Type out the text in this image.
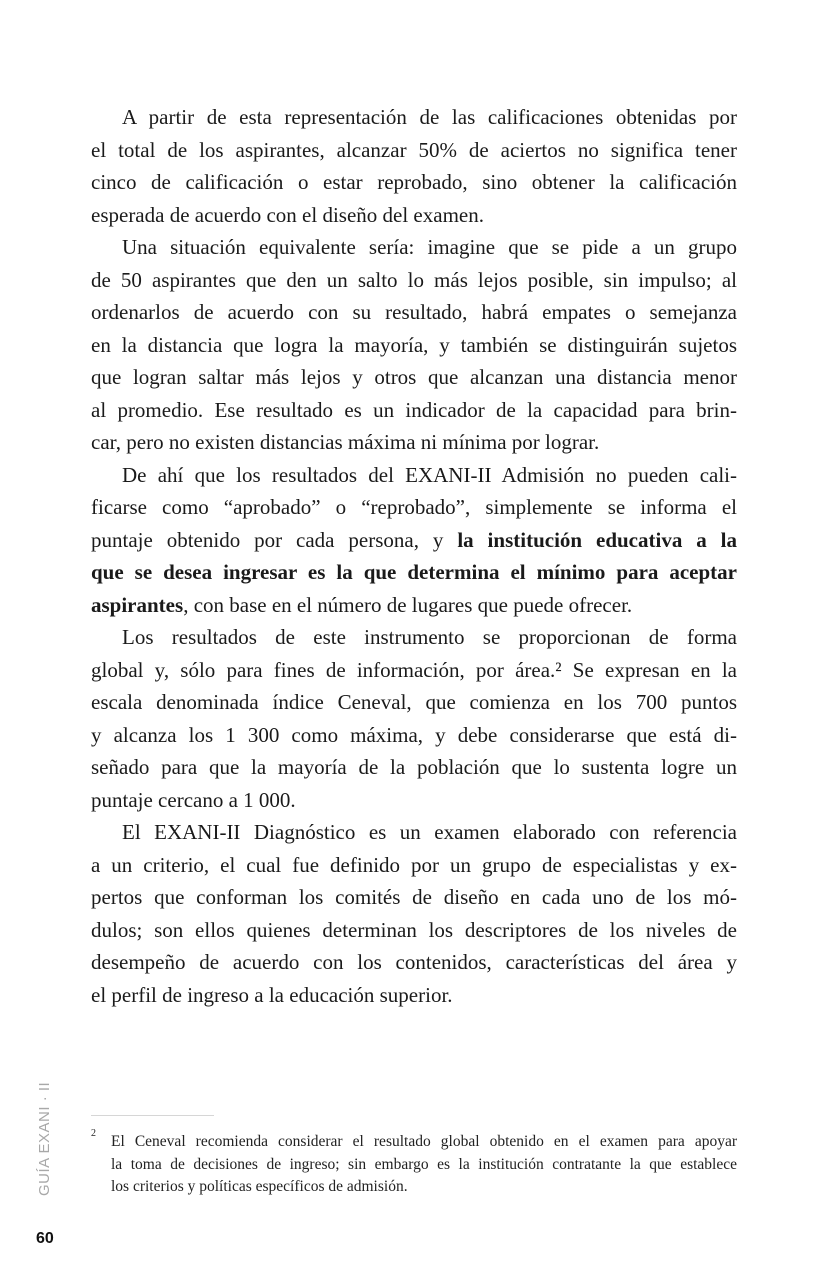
A partir de esta representación de las calificaciones obtenidas por
el total de los aspirantes, alcanzar 50% de aciertos no significa tener
cinco de calificación o estar reprobado, sino obtener la calificación
esperada de acuerdo con el diseño del examen.
Una situación equivalente sería: imagine que se pide a un grupo
de 50 aspirantes que den un salto lo más lejos posible, sin impulso; al
ordenarlos de acuerdo con su resultado, habrá empates o semejanza
en la distancia que logra la mayoría, y también se distinguirán sujetos
que logran saltar más lejos y otros que alcanzan una distancia menor
al promedio. Ese resultado es un indicador de la capacidad para brin-
car, pero no existen distancias máxima ni mínima por lograr.
De ahí que los resultados del EXANI-II Admisión no pueden cali-
ficarse como “aprobado” o “reprobado”, simplemente se informa el
puntaje obtenido por cada persona, y la institución educativa a la
que se desea ingresar es la que determina el mínimo para aceptar
aspirantes, con base en el número de lugares que puede ofrecer.
Los resultados de este instrumento se proporcionan de forma
global y, sólo para fines de información, por área.² Se expresan en la
escala denominada índice Ceneval, que comienza en los 700 puntos
y alcanza los 1 300 como máxima, y debe considerarse que está di-
señado para que la mayoría de la población que lo sustenta logre un
puntaje cercano a 1 000.
El EXANI-II Diagnóstico es un examen elaborado con referencia
a un criterio, el cual fue definido por un grupo de especialistas y ex-
pertos que conforman los comités de diseño en cada uno de los mó-
dulos; son ellos quienes determinan los descriptores de los niveles de
desempeño de acuerdo con los contenidos, características del área y
el perfil de ingreso a la educación superior.
2 El Ceneval recomienda considerar el resultado global obtenido en el examen para apoyar
la toma de decisiones de ingreso; sin embargo es la institución contratante la que establece
los criterios y políticas específicos de admisión.
GUÍA EXANI · II
60
